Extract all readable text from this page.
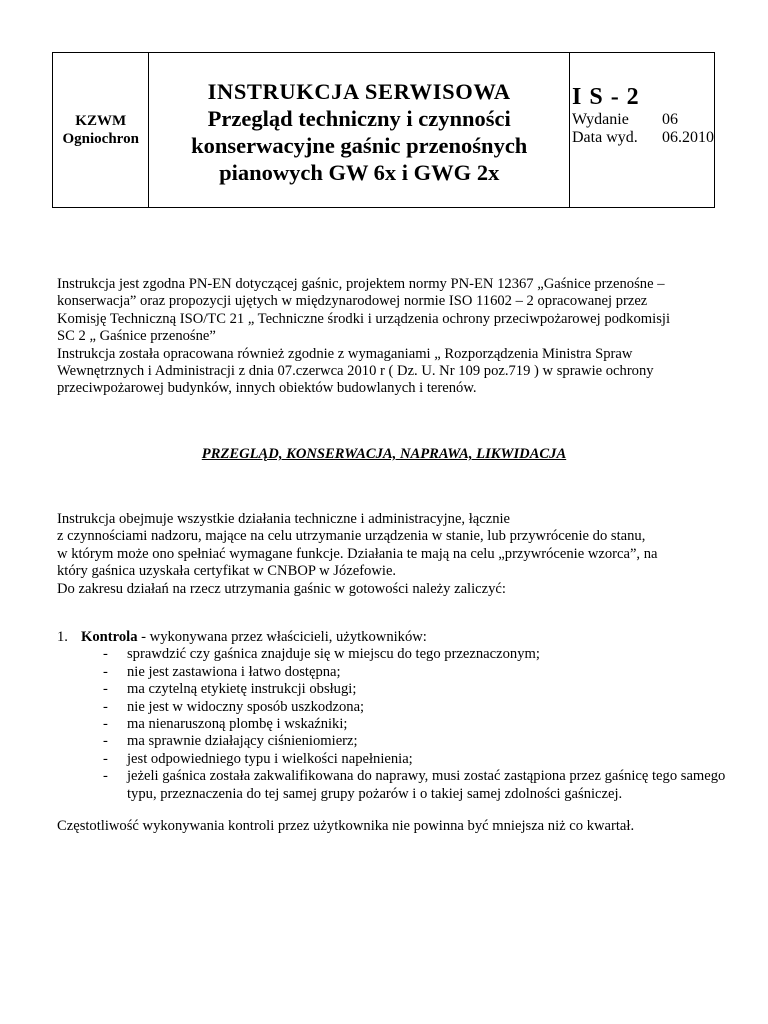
KZWM
Ogniochron
INSTRUKCJA SERWISOWA
Przegląd techniczny i czynności
konserwacyjne gaśnic przenośnych
pianowych GW 6x i GWG 2x
I S - 2
Wydanie	06
Data wyd.	06.2010

Instrukcja jest zgodna PN-EN dotyczącej gaśnic, projektem normy PN-EN 12367 „Gaśnice przenośne –

konserwacja” oraz propozycji ujętych w międzynarodowej normie ISO 11602 – 2 opracowanej przez

Komisję Techniczną ISO/TC 21 „ Techniczne środki i urządzenia ochrony przeciwpożarowej podkomisji

SC 2 „ Gaśnice przenośne”

Instrukcja została opracowana również zgodnie z wymaganiami „ Rozporządzenia Ministra Spraw

Wewnętrznych i Administracji z dnia 07.czerwca 2010 r ( Dz. U. Nr 109 poz.719 ) w sprawie ochrony

przeciwpożarowej budynków, innych obiektów budowlanych i terenów.

PRZEGLĄD, KONSERWACJA, NAPRAWA, LIKWIDACJA

Instrukcja obejmuje wszystkie działania techniczne i administracyjne, łącznie

z czynnościami nadzoru, mające na celu utrzymanie urządzenia w stanie, lub przywrócenie do stanu,

w którym może ono spełniać wymagane funkcje. Działania te mają na celu „przywrócenie wzorca”, na

który gaśnica uzyskała certyfikat w CNBOP w Józefowie.

Do zakresu działań na rzecz utrzymania gaśnic w gotowości należy zaliczyć:

1. Kontrola - wykonywana przez właścicieli, użytkowników:
- sprawdzić czy gaśnica znajduje się w miejscu do tego przeznaczonym;
- nie jest zastawiona i łatwo dostępna;
- ma czytelną etykietę instrukcji obsługi;
- nie jest w widoczny sposób uszkodzona;
- ma nienaruszoną plombę i wskaźniki;
- ma sprawnie działający ciśnieniomierz;
- jest odpowiedniego typu i wielkości napełnienia;
- jeżeli gaśnica została zakwalifikowana do naprawy, musi zostać zastąpiona przez gaśnicę tego samego typu, przeznaczenia do tej samej grupy pożarów i o takiej samej zdolności gaśniczej.
Częstotliwość wykonywania kontroli przez użytkownika nie powinna być mniejsza niż co kwartał.
